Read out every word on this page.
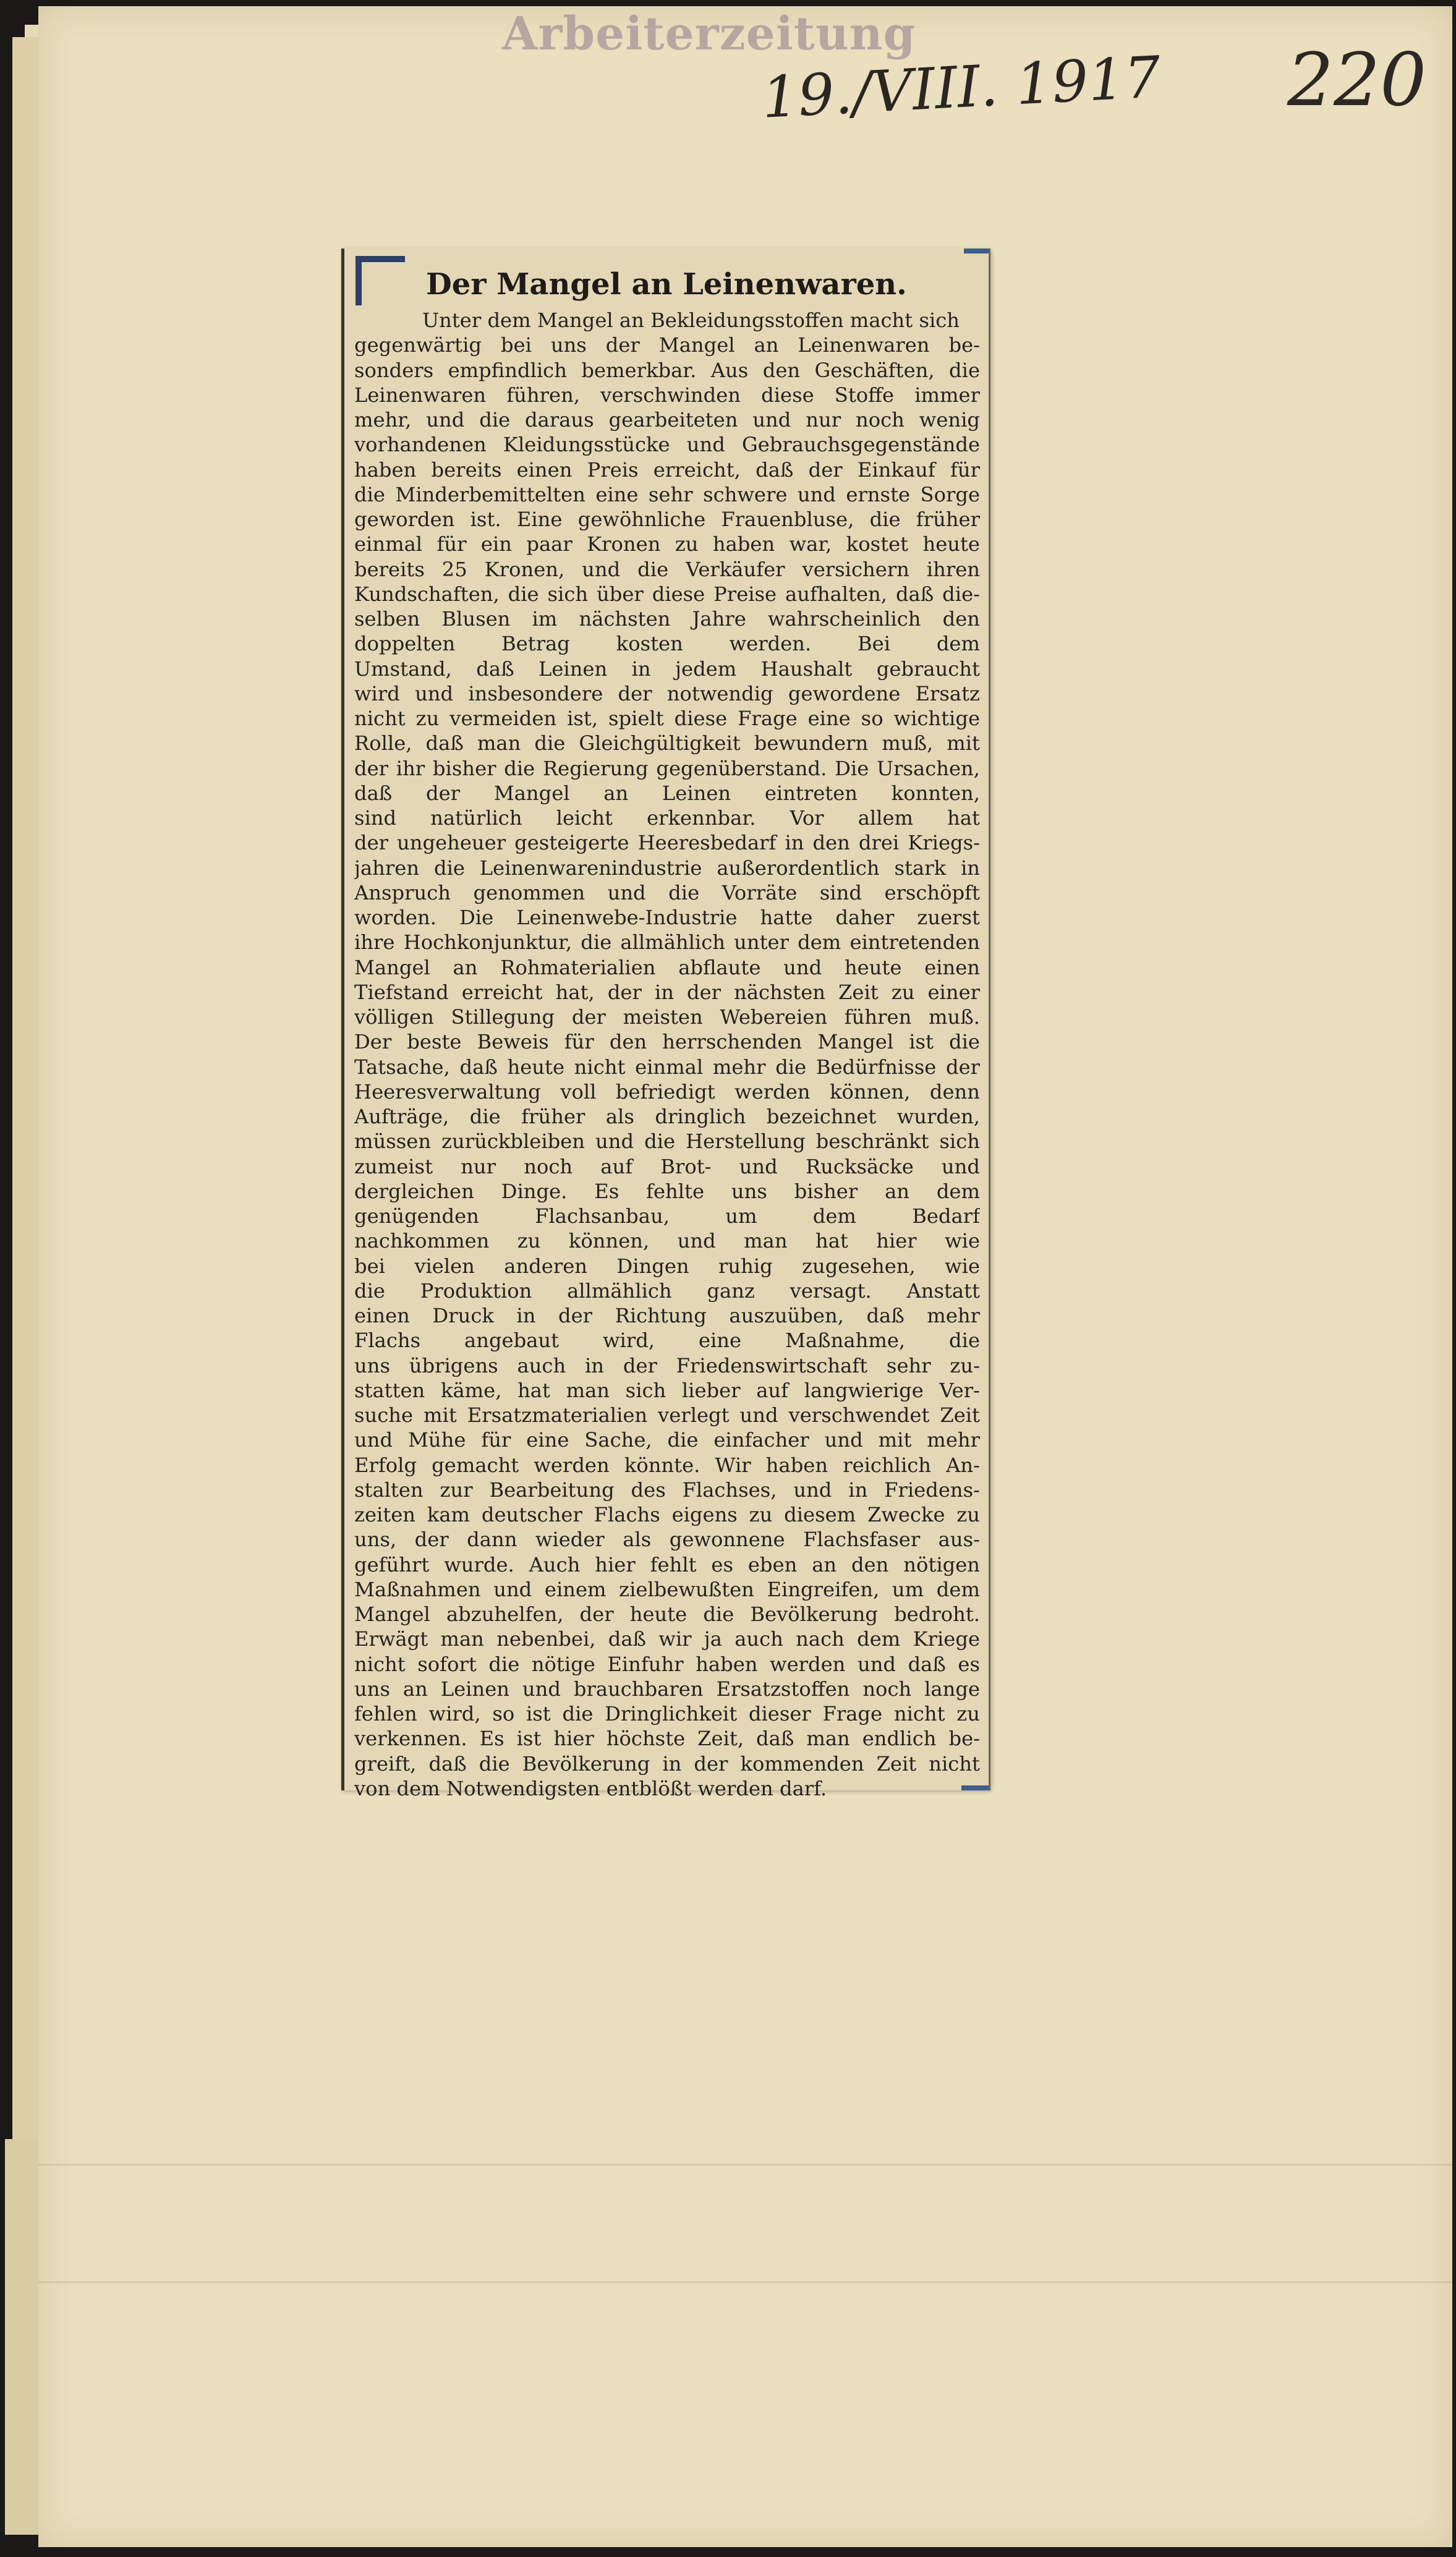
Arbeiterzeitung
19./VIII. 1917 220
Der Mangel an Leinenwaren.
Unter dem Mangel an Bekleidungsstoffen macht sich
gegenwärtig bei uns der Mangel an Leinenwaren be-
sonders empfindlich bemerkbar. Aus den Geschäften, die
Leinenwaren führen, verschwinden diese Stoffe immer
mehr, und die daraus gearbeiteten und nur noch wenig
vorhandenen Kleidungsstücke und Gebrauchsgegenstände
haben bereits einen Preis erreicht, daß der Einkauf für
die Minderbemittelten eine sehr schwere und ernste Sorge
geworden ist. Eine gewöhnliche Frauenbluse, die früher
einmal für ein paar Kronen zu haben war, kostet heute
bereits 25 Kronen, und die Verkäufer versichern ihren
Kundschaften, die sich über diese Preise aufhalten, daß die-
selben Blusen im nächsten Jahre wahrscheinlich den
doppelten Betrag kosten werden. Bei dem
Umstand, daß Leinen in jedem Haushalt gebraucht
wird und insbesondere der notwendig gewordene Ersatz
nicht zu vermeiden ist, spielt diese Frage eine so wichtige
Rolle, daß man die Gleichgültigkeit bewundern muß, mit
der ihr bisher die Regierung gegenüberstand. Die Ursachen,
daß der Mangel an Leinen eintreten konnten,
sind natürlich leicht erkennbar. Vor allem hat
der ungeheuer gesteigerte Heeresbedarf in den drei Kriegs-
jahren die Leinenwarenindustrie außerordentlich stark in
Anspruch genommen und die Vorräte sind erschöpft
worden. Die Leinenwebe-Industrie hatte daher zuerst
ihre Hochkonjunktur, die allmählich unter dem eintretenden
Mangel an Rohmaterialien abflaute und heute einen
Tiefstand erreicht hat, der in der nächsten Zeit zu einer
völligen Stillegung der meisten Webereien führen muß.
Der beste Beweis für den herrschenden Mangel ist die
Tatsache, daß heute nicht einmal mehr die Bedürfnisse der
Heeresverwaltung voll befriedigt werden können, denn
Aufträge, die früher als dringlich bezeichnet wurden,
müssen zurückbleiben und die Herstellung beschränkt sich
zumeist nur noch auf Brot- und Rucksäcke und
dergleichen Dinge. Es fehlte uns bisher an dem
genügenden Flachsanbau, um dem Bedarf
nachkommen zu können, und man hat hier wie
bei vielen anderen Dingen ruhig zugesehen, wie
die Produktion allmählich ganz versagt. Anstatt
einen Druck in der Richtung auszuüben, daß mehr
Flachs angebaut wird, eine Maßnahme, die
uns übrigens auch in der Friedenswirtschaft sehr zu-
statten käme, hat man sich lieber auf langwierige Ver-
suche mit Ersatzmaterialien verlegt und verschwendet Zeit
und Mühe für eine Sache, die einfacher und mit mehr
Erfolg gemacht werden könnte. Wir haben reichlich An-
stalten zur Bearbeitung des Flachses, und in Friedens-
zeiten kam deutscher Flachs eigens zu diesem Zwecke zu
uns, der dann wieder als gewonnene Flachsfaser aus-
geführt wurde. Auch hier fehlt es eben an den nötigen
Maßnahmen und einem zielbewußten Eingreifen, um dem
Mangel abzuhelfen, der heute die Bevölkerung bedroht.
Erwägt man nebenbei, daß wir ja auch nach dem Kriege
nicht sofort die nötige Einfuhr haben werden und daß es
uns an Leinen und brauchbaren Ersatzstoffen noch lange
fehlen wird, so ist die Dringlichkeit dieser Frage nicht zu
verkennen. Es ist hier höchste Zeit, daß man endlich be-
greift, daß die Bevölkerung in der kommenden Zeit nicht
von dem Notwendigsten entblößt werden darf.
